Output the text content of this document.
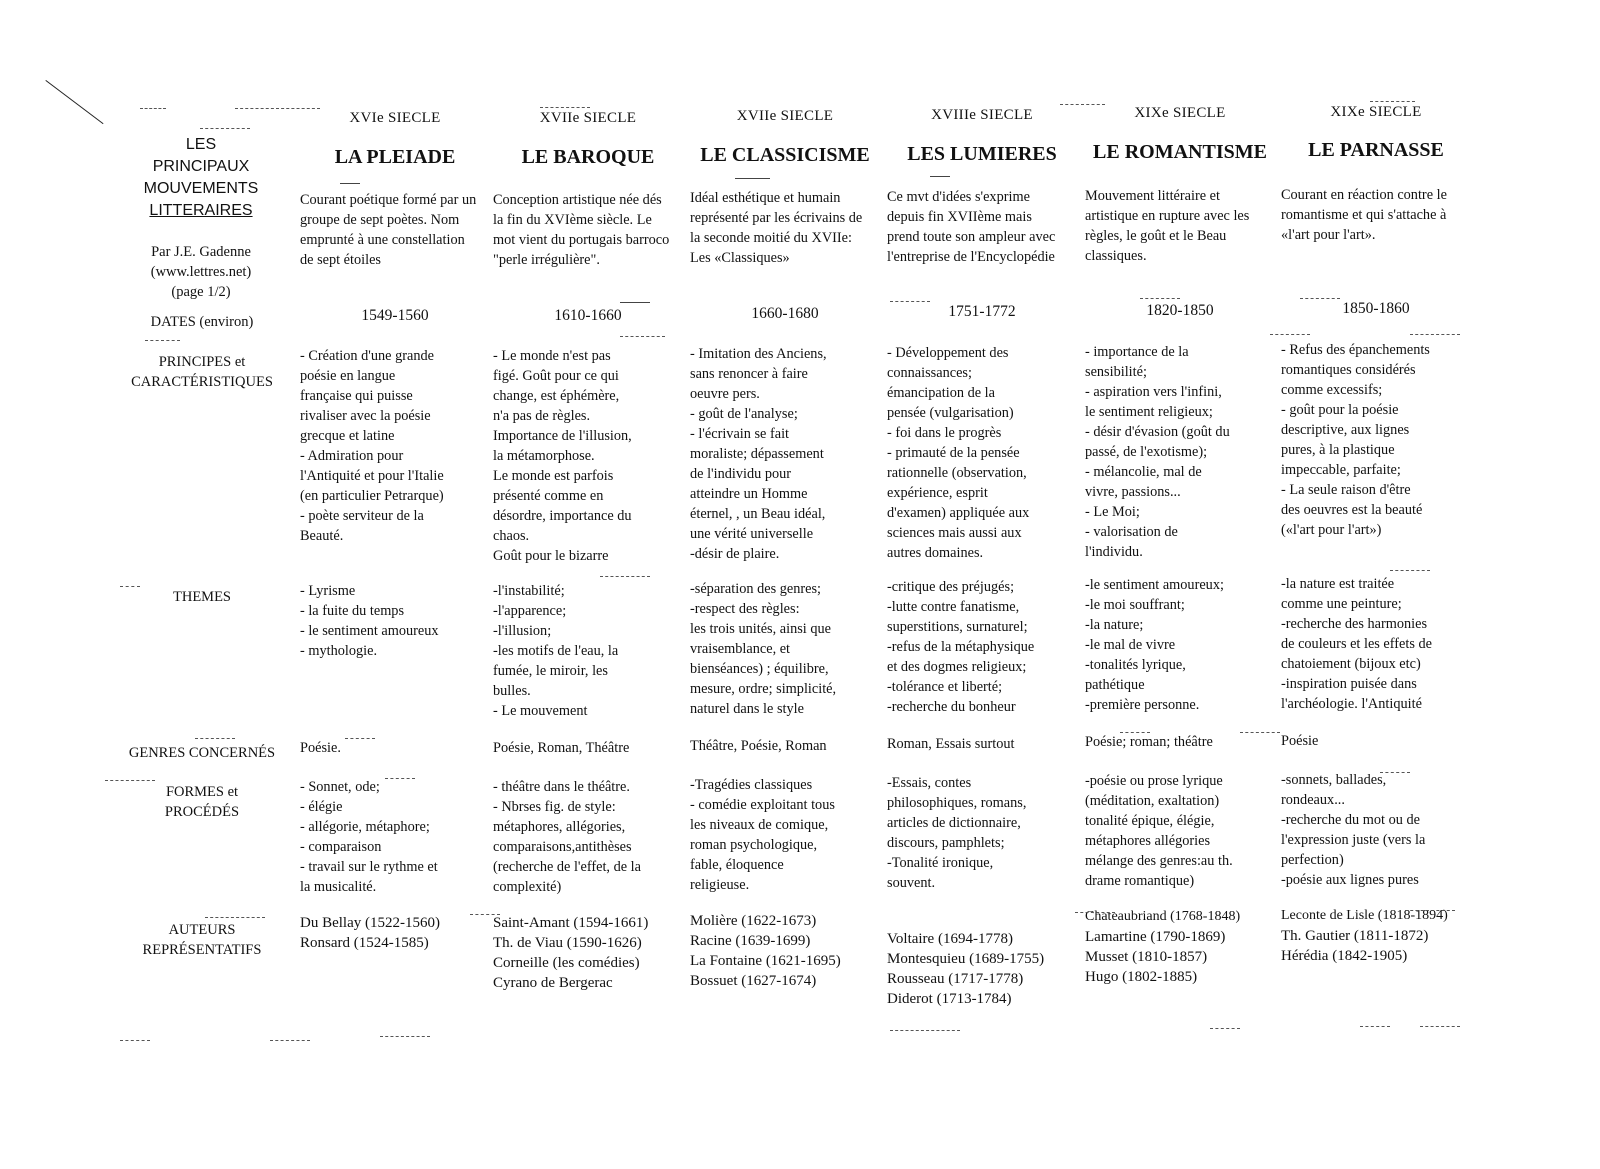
LES
PRINCIPAUX
MOUVEMENTS
LITTERAIRES
Par J.E. Gadenne
(www.lettres.net)
(page 1/2)
DATES (environ)
PRINCIPES et
CARACTÉRISTIQUES
THEMES
GENRES CONCERNÉS
FORMES et
PROCÉDÉS
AUTEURS
REPRÉSENTATIFS
XVIe SIECLE
LA PLEIADE
Courant poétique formé par un groupe de sept poètes. Nom emprunté à une constellation de sept étoiles
1549-1560
- Création d'une grande
poésie en langue
française qui puisse
rivaliser avec la poésie
grecque et latine
- Admiration pour
l'Antiquité et pour l'Italie
(en particulier Petrarque)
- poète serviteur de la
Beauté.
- Lyrisme
- la fuite du temps
- le sentiment amoureux
- mythologie.
Poésie.
- Sonnet, ode;
- élégie
- allégorie, métaphore;
- comparaison
- travail sur le rythme et
la musicalité.
Du Bellay (1522-1560)
Ronsard (1524-1585)
XVIIe SIECLE
LE BAROQUE
Conception artistique née dés la fin du XVIème siècle. Le mot vient du portugais barroco "perle irrégulière".
1610-1660
- Le monde n'est pas
figé. Goût pour ce qui
change, est éphémère,
n'a pas de règles.
Importance de l'illusion,
la métamorphose.
Le monde est parfois
présenté comme en
désordre, importance du
chaos.
Goût pour le bizarre
-l'instabilité;
-l'apparence;
-l'illusion;
-les motifs de l'eau, la
fumée, le miroir, les
bulles.
- Le mouvement
Poésie, Roman, Théâtre
- théâtre dans le théâtre.
- Nbrses fig. de style:
métaphores, allégories,
comparaisons,antithèses
(recherche de l'effet, de la
complexité)
Saint-Amant (1594-1661)
Th. de Viau (1590-1626)
Corneille (les comédies)
Cyrano de Bergerac
XVIIe SIECLE
LE CLASSICISME
Idéal esthétique et humain représenté par les écrivains de la seconde moitié du XVIIe: Les «Classiques»
1660-1680
- Imitation des Anciens,
sans renoncer à faire
oeuvre pers.
- goût de l'analyse;
- l'écrivain se fait
moraliste; dépassement
de l'individu pour
atteindre un Homme
éternel, , un Beau idéal,
une vérité universelle
-désir de plaire.
-séparation des genres;
-respect des règles:
les trois unités, ainsi que
vraisemblance, et
bienséances) ; équilibre,
mesure, ordre; simplicité,
naturel dans le style
Théâtre, Poésie, Roman
-Tragédies classiques
- comédie exploitant tous
les niveaux de comique,
roman psychologique,
fable, éloquence
religieuse.
Molière (1622-1673)
Racine (1639-1699)
La Fontaine (1621-1695)
Bossuet (1627-1674)
XVIIIe SIECLE
LES LUMIERES
Ce mvt d'idées s'exprime depuis fin XVIIème mais prend toute son ampleur avec l'entreprise de l'Encyclopédie
1751-1772
- Développement des
connaissances;
émancipation de la
pensée (vulgarisation)
- foi dans le progrès
- primauté de la pensée
rationnelle (observation,
expérience, esprit
d'examen) appliquée aux
sciences mais aussi aux
autres domaines.
-critique des préjugés;
-lutte contre fanatisme,
superstitions, surnaturel;
-refus de la métaphysique
et des dogmes religieux;
-tolérance et liberté;
-recherche du bonheur
Roman, Essais surtout
-Essais, contes
philosophiques, romans,
articles de dictionnaire,
discours, pamphlets;
-Tonalité ironique,
souvent.
Voltaire (1694-1778)
Montesquieu (1689-1755)
Rousseau (1717-1778)
Diderot (1713-1784)
XIXe SIECLE
LE ROMANTISME
Mouvement littéraire et artistique en rupture avec les règles, le goût et le Beau classiques.
1820-1850
- importance de la
sensibilité;
- aspiration vers l'infini,
le sentiment religieux;
- désir d'évasion (goût du
passé, de l'exotisme);
- mélancolie, mal de
vivre, passions...
- Le Moi;
- valorisation de
l'individu.
-le sentiment amoureux;
-le moi souffrant;
-la nature;
-le mal de vivre
-tonalités lyrique,
pathétique
-première personne.
Poésie; roman; théâtre
-poésie ou prose lyrique
(méditation, exaltation)
tonalité épique, élégie,
métaphores allégories
mélange des genres:au th.
drame romantique)
Chateaubriand (1768-1848)
Lamartine (1790-1869)
Musset (1810-1857)
Hugo (1802-1885)
XIXe SIECLE
LE PARNASSE
Courant en réaction contre le romantisme et qui s'attache à «l'art pour l'art».
1850-1860
- Refus des épanchements
romantiques considérés
comme excessifs;
- goût pour la poésie
descriptive, aux lignes
pures, à la plastique
impeccable, parfaite;
- La seule raison d'être
des oeuvres est la beauté
(«l'art pour l'art»)
-la nature est traitée
comme une peinture;
-recherche des harmonies
de couleurs et les effets de
chatoiement (bijoux etc)
-inspiration puisée dans
l'archéologie. l'Antiquité
Poésie
-sonnets, ballades,
rondeaux...
-recherche du mot ou de
l'expression juste (vers la
perfection)
-poésie aux lignes pures
Leconte de Lisle (1818-1894)
Th. Gautier (1811-1872)
Hérédia (1842-1905)
